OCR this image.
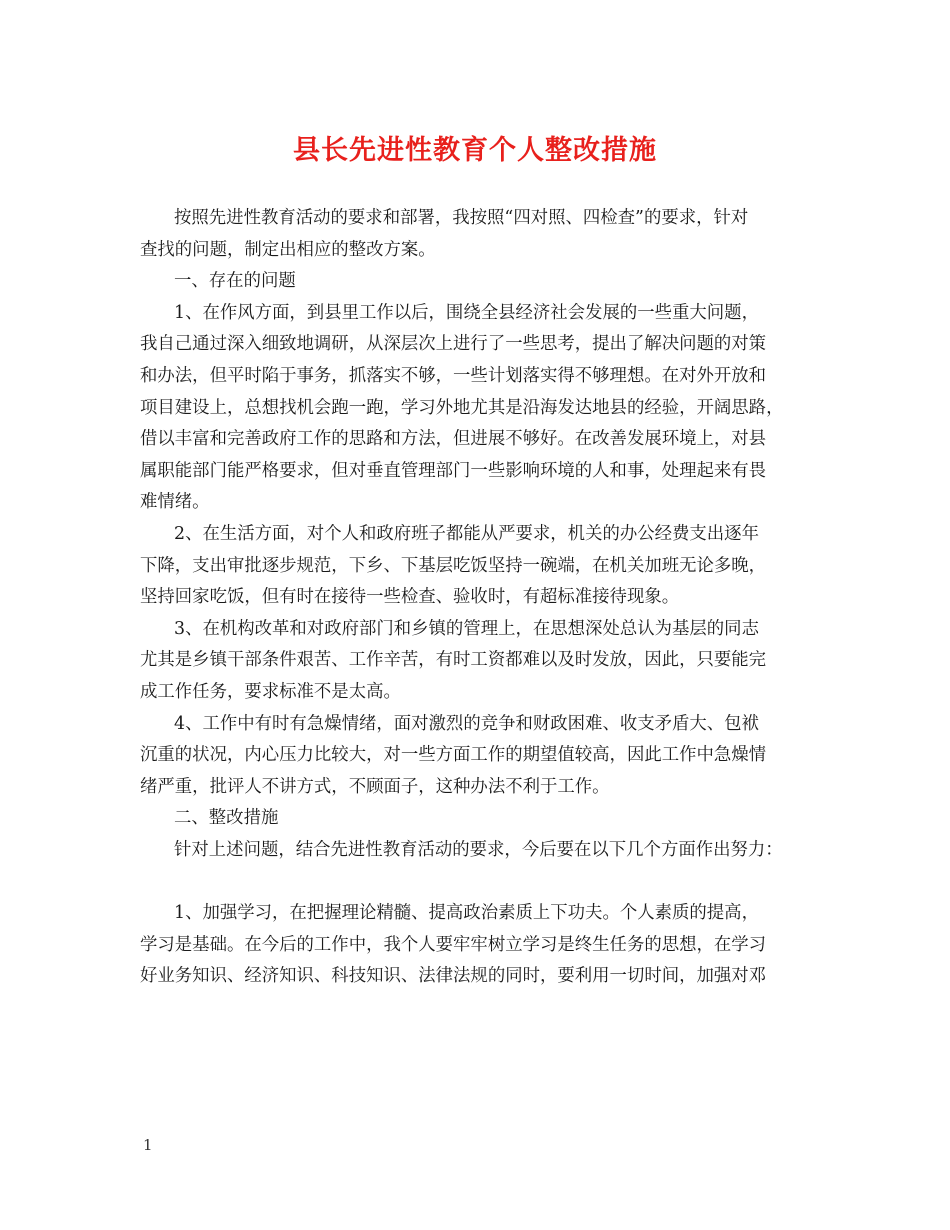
县长先进性教育个人整改措施
按照先进性教育活动的要求和部署，我按照“四对照、四检查”的要求，针对
查找的问题，制定出相应的整改方案。
一、存在的问题
1、在作风方面，到县里工作以后，围绕全县经济社会发展的一些重大问题，
我自己通过深入细致地调研，从深层次上进行了一些思考，提出了解决问题的对策
和办法，但平时陷于事务，抓落实不够，一些计划落实得不够理想。在对外开放和
项目建设上，总想找机会跑一跑，学习外地尤其是沿海发达地县的经验，开阔思路，
借以丰富和完善政府工作的思路和方法，但进展不够好。在改善发展环境上，对县
属职能部门能严格要求，但对垂直管理部门一些影响环境的人和事，处理起来有畏
难情绪。
2、在生活方面，对个人和政府班子都能从严要求，机关的办公经费支出逐年
下降，支出审批逐步规范，下乡、下基层吃饭坚持一碗端，在机关加班无论多晚，
坚持回家吃饭，但有时在接待一些检查、验收时，有超标准接待现象。
3、在机构改革和对政府部门和乡镇的管理上，在思想深处总认为基层的同志
尤其是乡镇干部条件艰苦、工作辛苦，有时工资都难以及时发放，因此，只要能完
成工作任务，要求标准不是太高。
4、工作中有时有急燥情绪，面对激烈的竞争和财政困难、收支矛盾大、包袱
沉重的状况，内心压力比较大，对一些方面工作的期望值较高，因此工作中急燥情
绪严重，批评人不讲方式，不顾面子，这种办法不利于工作。
二、整改措施
针对上述问题，结合先进性教育活动的要求，今后要在以下几个方面作出努力：
1、加强学习，在把握理论精髓、提高政治素质上下功夫。个人素质的提高，
学习是基础。在今后的工作中，我个人要牢牢树立学习是终生任务的思想，在学习
好业务知识、经济知识、科技知识、法律法规的同时，要利用一切时间，加强对邓
1
